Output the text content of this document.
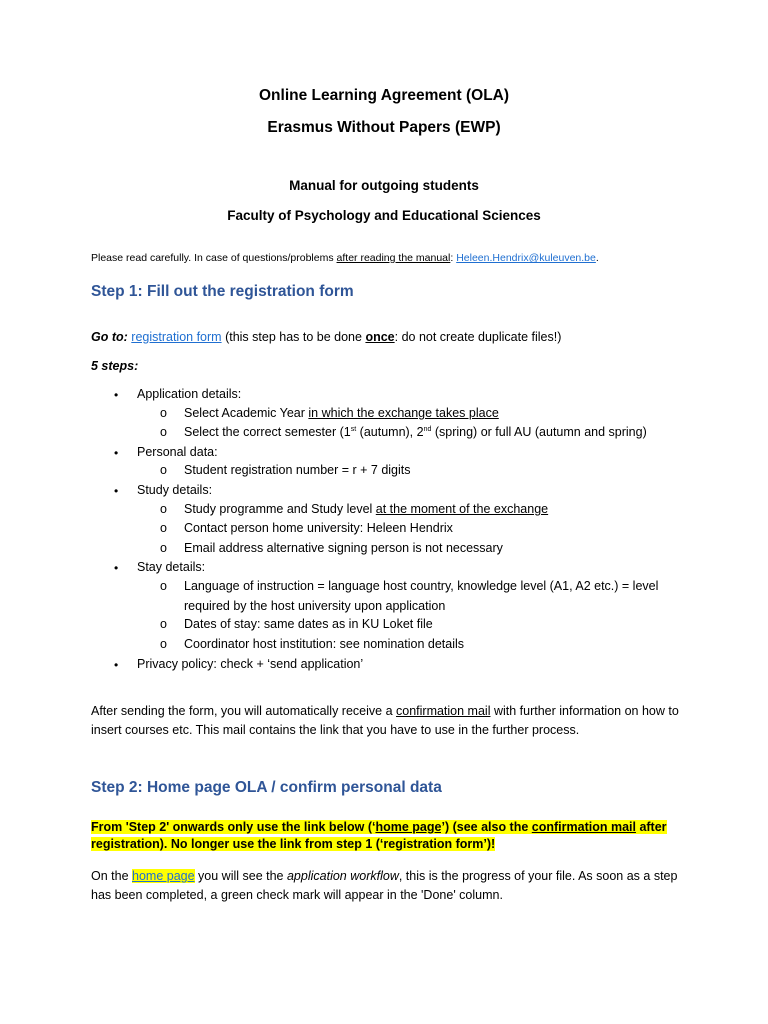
Online Learning Agreement (OLA)
Erasmus Without Papers (EWP)
Manual for outgoing students
Faculty of Psychology and Educational Sciences
Please read carefully. In case of questions/problems after reading the manual: Heleen.Hendrix@kuleuven.be.
Step 1: Fill out the registration form
Go to: registration form (this step has to be done once: do not create duplicate files!)
5 steps:
• Application details:
o Select Academic Year in which the exchange takes place
o Select the correct semester (1st (autumn), 2nd (spring) or full AU (autumn and spring)
• Personal data:
o Student registration number = r + 7 digits
• Study details:
o Study programme and Study level at the moment of the exchange
o Contact person home university: Heleen Hendrix
o Email address alternative signing person is not necessary
• Stay details:
o Language of instruction = language host country, knowledge level (A1, A2 etc.) = level
required by the host university upon application
o Dates of stay: same dates as in KU Loket file
o Coordinator host institution: see nomination details
• Privacy policy: check + ‘send application’
After sending the form, you will automatically receive a confirmation mail with further information on how to insert courses etc. This mail contains the link that you have to use in the further process.
Step 2: Home page OLA / confirm personal data
From 'Step 2' onwards only use the link below (‘home page’) (see also the confirmation mail after registration). No longer use the link from step 1 (‘registration form’)!
On the home page you will see the application workflow, this is the progress of your file. As soon as a step has been completed, a green check mark will appear in the 'Done' column.
